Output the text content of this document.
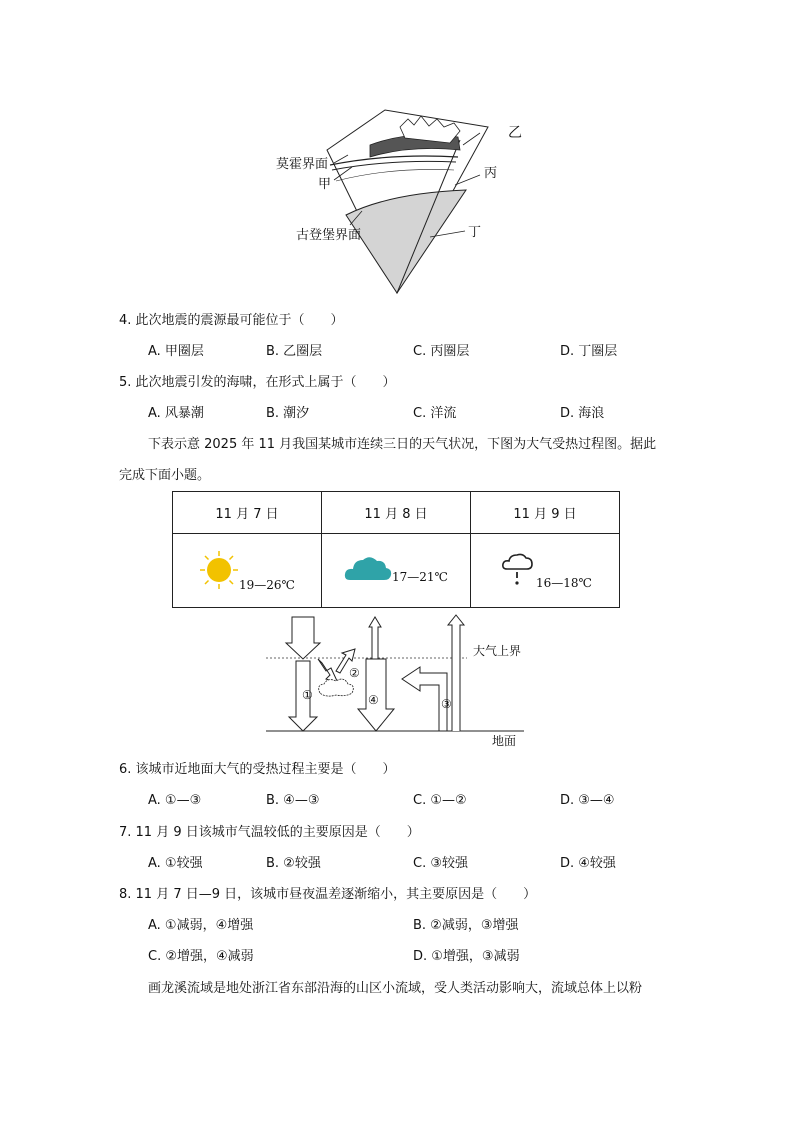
莫霍界面
甲
乙
丙
古登堡界面	丁
4. 此次地震的震源最可能位于（　　）
A. 甲圈层	B. 乙圈层	C. 丙圈层	D. 丁圈层
5. 此次地震引发的海啸，在形式上属于（　　）
A. 风暴潮	B. 潮汐	C. 洋流	D. 海浪
下表示意 2025 年 11 月我国某城市连续三日的天气状况，下图为大气受热过程图。据此
完成下面小题。
11 月 7 日	11 月 8 日	11 月 9 日

19—26℃	17—21℃	16—18℃
①
②
③
④
大气上界
地面
6. 该城市近地面大气的受热过程主要是（　　）
A. ①—③	B. ④—③	C. ①—②	D. ③—④
7. 11 月 9 日该城市气温较低的主要原因是（　　）
A. ①较强	B. ②较强	C. ③较强	D. ④较强
8. 11 月 7 日—9 日，该城市昼夜温差逐渐缩小，其主要原因是（　　）
A. ①减弱，④增强	B. ②减弱，③增强
C. ②增强，④减弱	D. ①增强，③减弱
画龙溪流域是地处浙江省东部沿海的山区小流域，受人类活动影响大，流域总体上以粉
